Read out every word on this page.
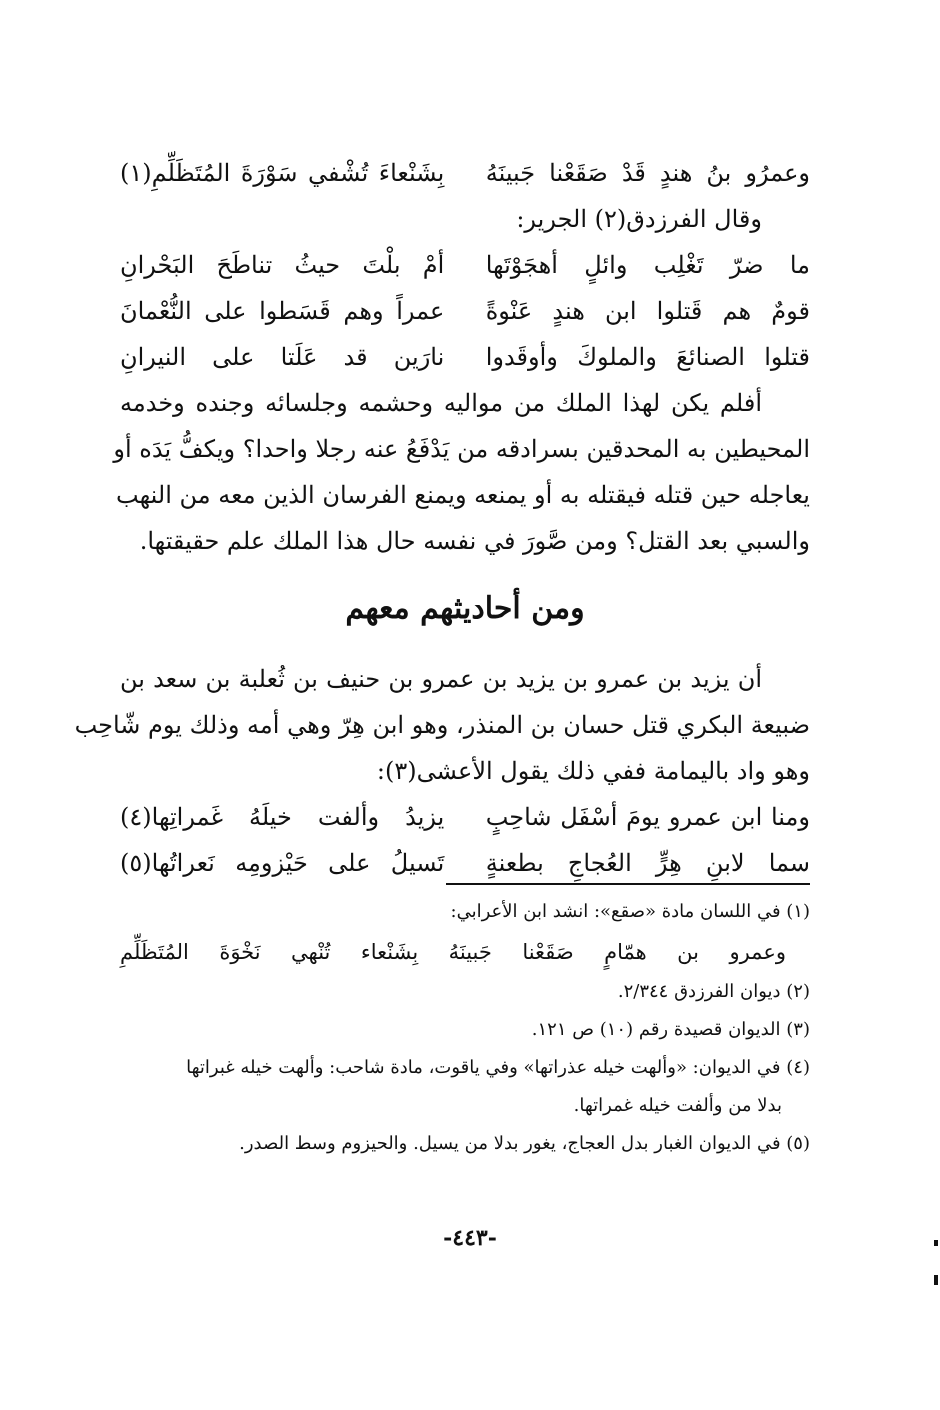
وعمرُو بنُ هندٍ قَدْ صَقَعْنا جَبينَهُ
بِشَنْعاءَ تُشْفي سَوْرَةَ المُتَظَلِّمِ(١)
وقال الفرزدق(٢) الجرير:
ما ضرّ تَغْلِب وائلٍ أهجَوْتَها
أمْ بلْتَ حيثُ تناطَحَ البَحْرانِ
قومٌ هم قَتلوا ابن هندٍ عَنْوةً
عمراً وهم قَسَطوا على النُّعْمانَ
قتلوا الصنائعَ والملوكَ وأوقَدوا
نارَين قد عَلَتا على النيرانِ
أفلم يكن لهذا الملك من مواليه وحشمه وجلسائه وجنده وخدمه
المحيطين به المحدقين بسرادقه من يَدْفَعُ عنه رجلا واحدا؟ ويكفُّ يَدَه أو
يعاجله حين قتله فيقتله به أو يمنعه ويمنع الفرسان الذين معه من النهب
والسبي بعد القتل؟ ومن صَّورَ في نفسه حال هذا الملك علم حقيقتها.
ومن أحاديثهم معهم
أن يزيد بن عمرو بن يزيد بن عمرو بن حنيف بن ثُعلبة بن سعد بن
ضبيعة البكري قتل حسان بن المنذر، وهو ابن هِرّ وهي أمه وذلك يوم شّاحِب
وهو واد باليمامة ففي ذلك يقول الأعشى(٣):
ومنا ابن عمرو يومَ أسْفَل شاحِبٍ
يزيدُ وألفت خيلَهُ غَمراتِها(٤)
سما لابنِ هِرٍّ العُجاجِ بطعنةٍ
تَسيلُ على حَيْزومِه نَعراتُها(٥)
(١) في اللسان مادة «صقع»: انشد ابن الأعرابي:
وعمرو بن همّامٍ صَقَعْنا جَبينَهُ بِشَنْعاء تُنْهي نَخْوَةَ المُتَظَلِّمِ
(٢) ديوان الفرزدق ٢/٣٤٤.
(٣) الديوان قصيدة رقم (١٠) ص ١٢١.
(٤) في الديوان: «وألهت خيله عذراتها» وفي ياقوت، مادة شاحب: وألهت خيله غبراتها
بدلا من وألفت خيله غمراتها.
(٥) في الديوان الغبار بدل العجاج، يغور بدلا من يسيل. والحيزوم وسط الصدر.
-٤٤٣-
